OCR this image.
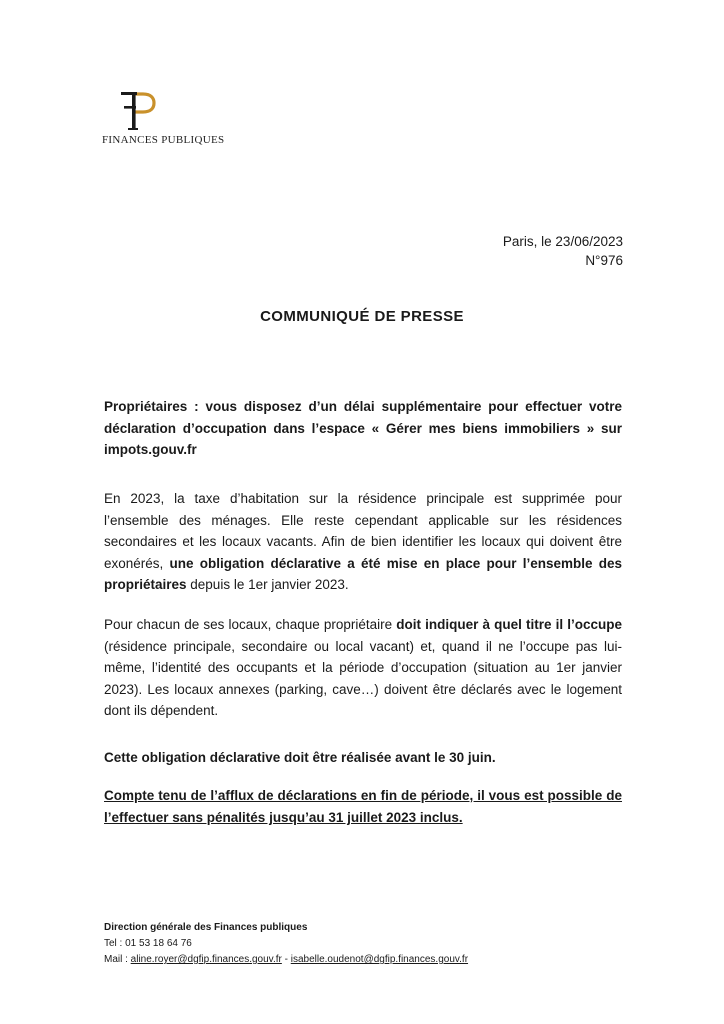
FINANCES PUBLIQUES
Paris, le 23/06/2023
N°976
COMMUNIQUÉ DE PRESSE

Propriétaires : vous disposez d’un délai supplémentaire pour effectuer votre déclaration d’occupation dans l’espace « Gérer mes biens immobiliers » sur impots.gouv.fr

En 2023, la taxe d’habitation sur la résidence principale est supprimée pour l’ensemble des ménages. Elle reste cependant applicable sur les résidences secondaires et les locaux vacants. Afin de bien identifier les locaux qui doivent être exonérés, une obligation déclarative a été mise en place pour l’ensemble des propriétaires depuis le 1er janvier 2023.

Pour chacun de ses locaux, chaque propriétaire doit indiquer à quel titre il l’occupe (résidence principale, secondaire ou local vacant) et, quand il ne l’occupe pas lui-même, l’identité des occupants et la période d’occupation (situation au 1er janvier 2023). Les locaux annexes (parking, cave…) doivent être déclarés avec le logement dont ils dépendent.

Cette obligation déclarative doit être réalisée avant le 30 juin.

Compte tenu de l’afflux de déclarations en fin de période, il vous est possible de l’effectuer sans pénalités jusqu’au 31 juillet 2023 inclus.

Direction générale des Finances publiques
Tel : 01 53 18 64 76
Mail : aline.royer@dgfip.finances.gouv.fr - isabelle.oudenot@dgfip.finances.gouv.fr
